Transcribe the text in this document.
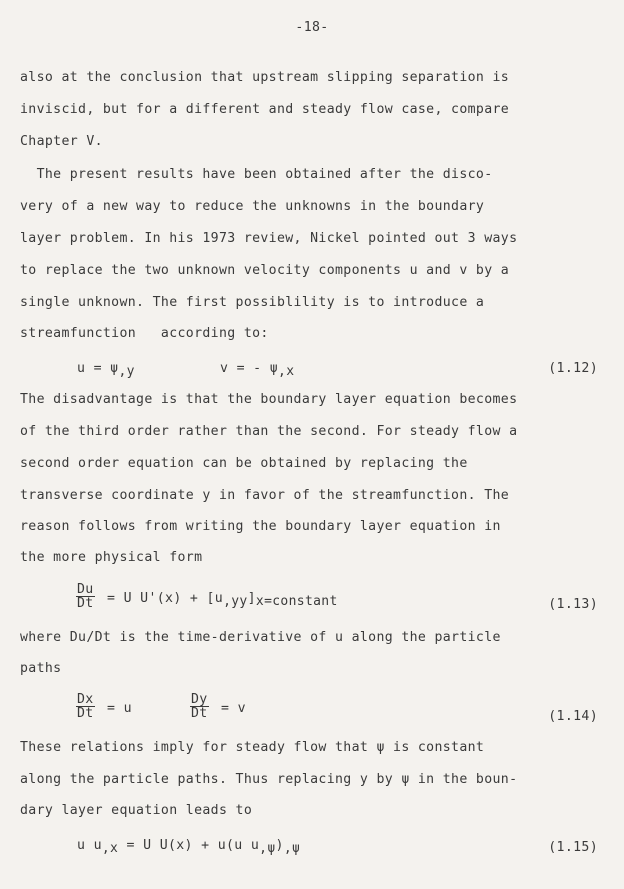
-18-
also at the conclusion that upstream slipping separation is
inviscid, but for a different and steady flow case, compare
Chapter V.
The present results have been obtained after the disco-
very of a new way to reduce the unknowns in the boundary
layer problem. In his 1973 review, Nickel pointed out 3 ways
to replace the two unknown velocity components u and v by a
single unknown. The first possiblility is to introduce a
streamfunction   according to:
$u = \psi_{,y}$	v = - $\psi_{,x}$	(1.12)
The disadvantage is that the boundary layer equation becomes
of the third order rather than the second. For steady flow a
second order equation can be obtained by replacing the
transverse coordinate y in favor of the streamfunction. The
reason follows from writing the boundary layer equation in
the more physical form
$\frac{Du}{Dt} = U$ $U'(x) + [u_{,yy}]_{x=constant}$	(1.13)
where Du/Dt is the time-derivative of u along the particle
paths
$\frac{Dx}{Dt} = u$	$\frac{Dy}{Dt} = v$
(1.14)
These relations imply for steady flow that ψ is constant
along the particle paths. Thus replacing y by ψ in the boun-
dary layer equation leads to
u $u_{,x} = U$ U(x) + u(u $u_{,\psi})_{,\psi}$	(1.15)
